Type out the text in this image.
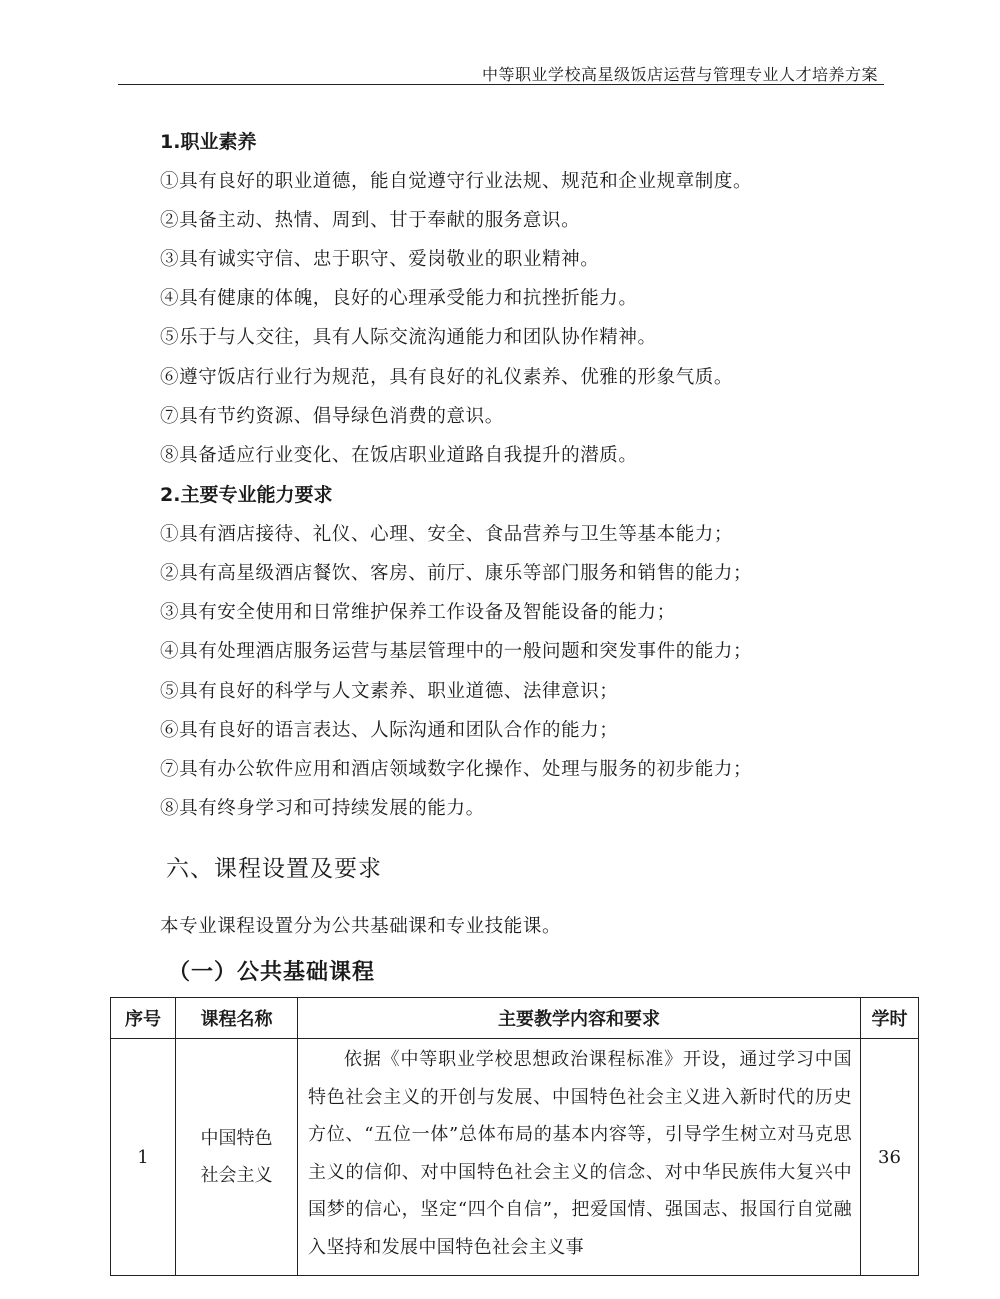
中等职业学校高星级饭店运营与管理专业人才培养方案
1.职业素养
①具有良好的职业道德，能自觉遵守行业法规、规范和企业规章制度。
②具备主动、热情、周到、甘于奉献的服务意识。
③具有诚实守信、忠于职守、爱岗敬业的职业精神。
④具有健康的体魄，良好的心理承受能力和抗挫折能力。
⑤乐于与人交往，具有人际交流沟通能力和团队协作精神。
⑥遵守饭店行业行为规范，具有良好的礼仪素养、优雅的形象气质。
⑦具有节约资源、倡导绿色消费的意识。
⑧具备适应行业变化、在饭店职业道路自我提升的潜质。
2.主要专业能力要求
①具有酒店接待、礼仪、心理、安全、食品营养与卫生等基本能力；
②具有高星级酒店餐饮、客房、前厅、康乐等部门服务和销售的能力；
③具有安全使用和日常维护保养工作设备及智能设备的能力；
④具有处理酒店服务运营与基层管理中的一般问题和突发事件的能力；
⑤具有良好的科学与人文素养、职业道德、法律意识；
⑥具有良好的语言表达、人际沟通和团队合作的能力；
⑦具有办公软件应用和酒店领域数字化操作、处理与服务的初步能力；
⑧具有终身学习和可持续发展的能力。
六、课程设置及要求
本专业课程设置分为公共基础课和专业技能课。
（一）公共基础课程
序号	课程名称	主要教学内容和要求	学时
1	中国特色
社会主义	依据《中等职业学校思想政治课程标准》开设，通过学习中国特色社会主义的开创与发展、中国特色社会主义进入新时代的历史方位、“五位一体”总体布局的基本内容等，引导学生树立对马克思主义的信仰、对中国特色社会主义的信念、对中华民族伟大复兴中国梦的信心，坚定“四个自信”，把爱国情、强国志、报国行自觉融入坚持和发展中国特色社会主义事	36
